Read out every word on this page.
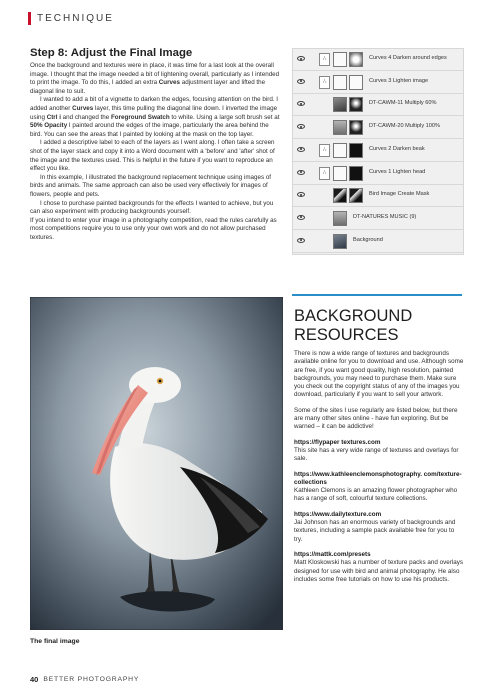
TECHNIQUE
Step 8: Adjust the Final Image

Once the background and textures were in place, it was time for a last look at the overall image. I thought that the image needed a bit of lightening overall, particularly as I intended to print the image. To do this, I added an extra Curves adjustment layer and lifted the diagonal line to suit.

I wanted to add a bit of a vignette to darken the edges, focusing attention on the bird. I added another Curves layer, this time pulling the diagonal line down. I inverted the image using Ctrl i and changed the Foreground Swatch to white. Using a large soft brush set at 50% Opacity I painted around the edges of the image, particularly the area behind the bird. You can see the areas that I painted by looking at the mask on the top layer.

I added a descriptive label to each of the layers as I went along. I often take a screen shot of the layer stack and copy it into a Word document with a 'before' and 'after' shot of the image and the textures used. This is helpful in the future if you want to reproduce an effect you like.

In this example, I illustrated the background replacement technique using images of birds and animals. The same approach can also be used very effectively for images of flowers, people and pets.

I chose to purchase painted backgrounds for the effects I wanted to achieve, but you can also experiment with producing backgrounds yourself.

If you intend to enter your image in a photography competition, read the rules carefully as most competitions require you to use only your own work and do not allow purchased textures.

∴	Curves 4 Darken around edges
∴	Curves 3 Lighten image
DT-CAWM-11 Multiply 60%
DT-CAWM-20 Multiply 100%
∴	Curves 2 Darken beak
∴	Curves 1 Lighten head
Bird Image Create Mask
DT-NATURES MUSIC (9)
Background
The final image
BACKGROUND
RESOURCES

There is now a wide range of textures and backgrounds available online for you to download and use. Although some are free, if you want good quality, high resolution, painted backgrounds, you may need to purchase them. Make sure you check out the copyright status of any of the images you download, particularly if you want to sell your artwork.

Some of the sites I use regularly are listed below, but there are many other sites online - have fun exploring. But be warned – it can be addictive!

https://flypaper textures.com
This site has a very wide range of textures and overlays for sale.
https://www.kathleenclemonsphotography. com/texture-collections
Kathleen Clemons is an amazing flower photographer who has a range of soft, colourful texture collections.
https://www.dailytexture.com
Jai Johnson has an enormous variety of backgrounds and textures, including a sample pack available free for you to try.
https://mattk.com/presets
Matt Kloskowski has a number of texture packs and overlays designed for use with bird and animal photography. He also includes some free tutorials on how to use his products.
40 BETTER PHOTOGRAPHY
